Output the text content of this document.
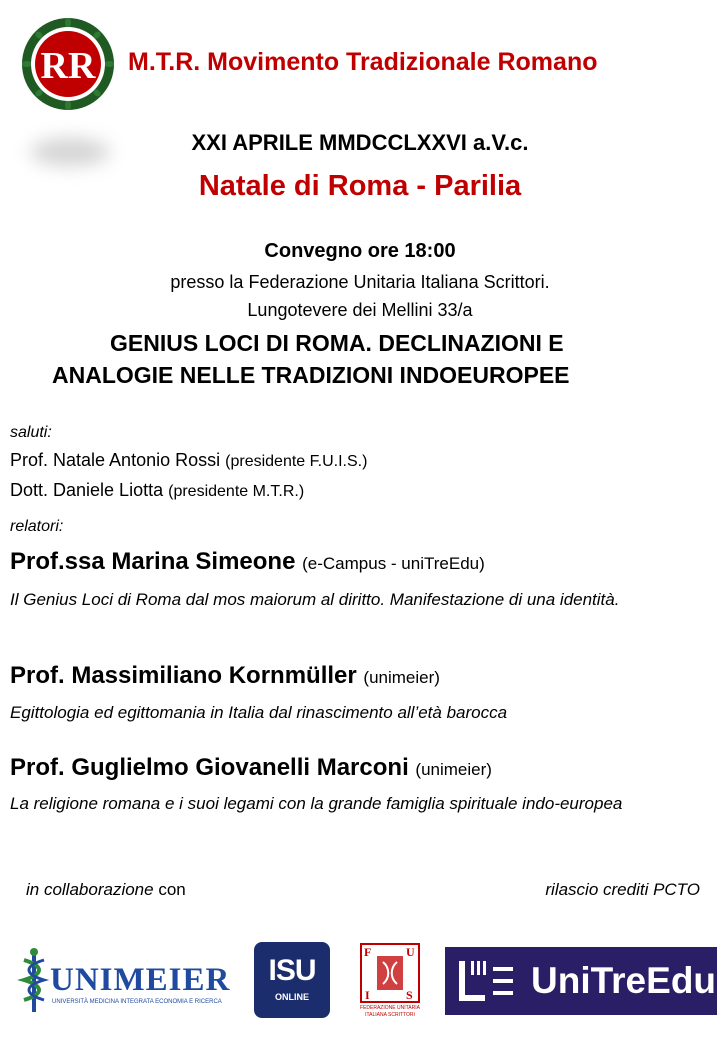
RR M.T.R. Movimento Tradizionale Romano
XXI APRILE MMDCCLXXVI a.V.c.
Natale di Roma - Parilia
Convegno ore 18:00
presso la Federazione Unitaria Italiana Scrittori.
Lungotevere dei Mellini 33/a
GENIUS LOCI DI ROMA. DECLINAZIONI E
ANALOGIE NELLE TRADIZIONI INDOEUROPEE
saluti:
Prof. Natale Antonio Rossi (presidente F.U.I.S.)
Dott. Daniele Liotta (presidente M.T.R.)
relatori:
Prof.ssa Marina Simeone (e-Campus - uniTreEdu)
Il Genius Loci di Roma dal mos maiorum al diritto. Manifestazione di una identità.
Prof. Massimiliano Kornmüller (unimeier)
Egittologia ed egittomania in Italia dal rinascimento all’età barocca
Prof. Guglielmo Giovanelli Marconi (unimeier)
La religione romana e i suoi legami con la grande famiglia spirituale indo-europea
in collaborazione con	rilascio crediti PCTO
UNIMEIER
UNIVERSITÀ MEDICINA INTEGRATA ECONOMIA E RICERCA
ISU
ONLINE
F	U
I	S
FEDERAZIONE UNITARIA
ITALIANA SCRITTORI
UniTreEdu
